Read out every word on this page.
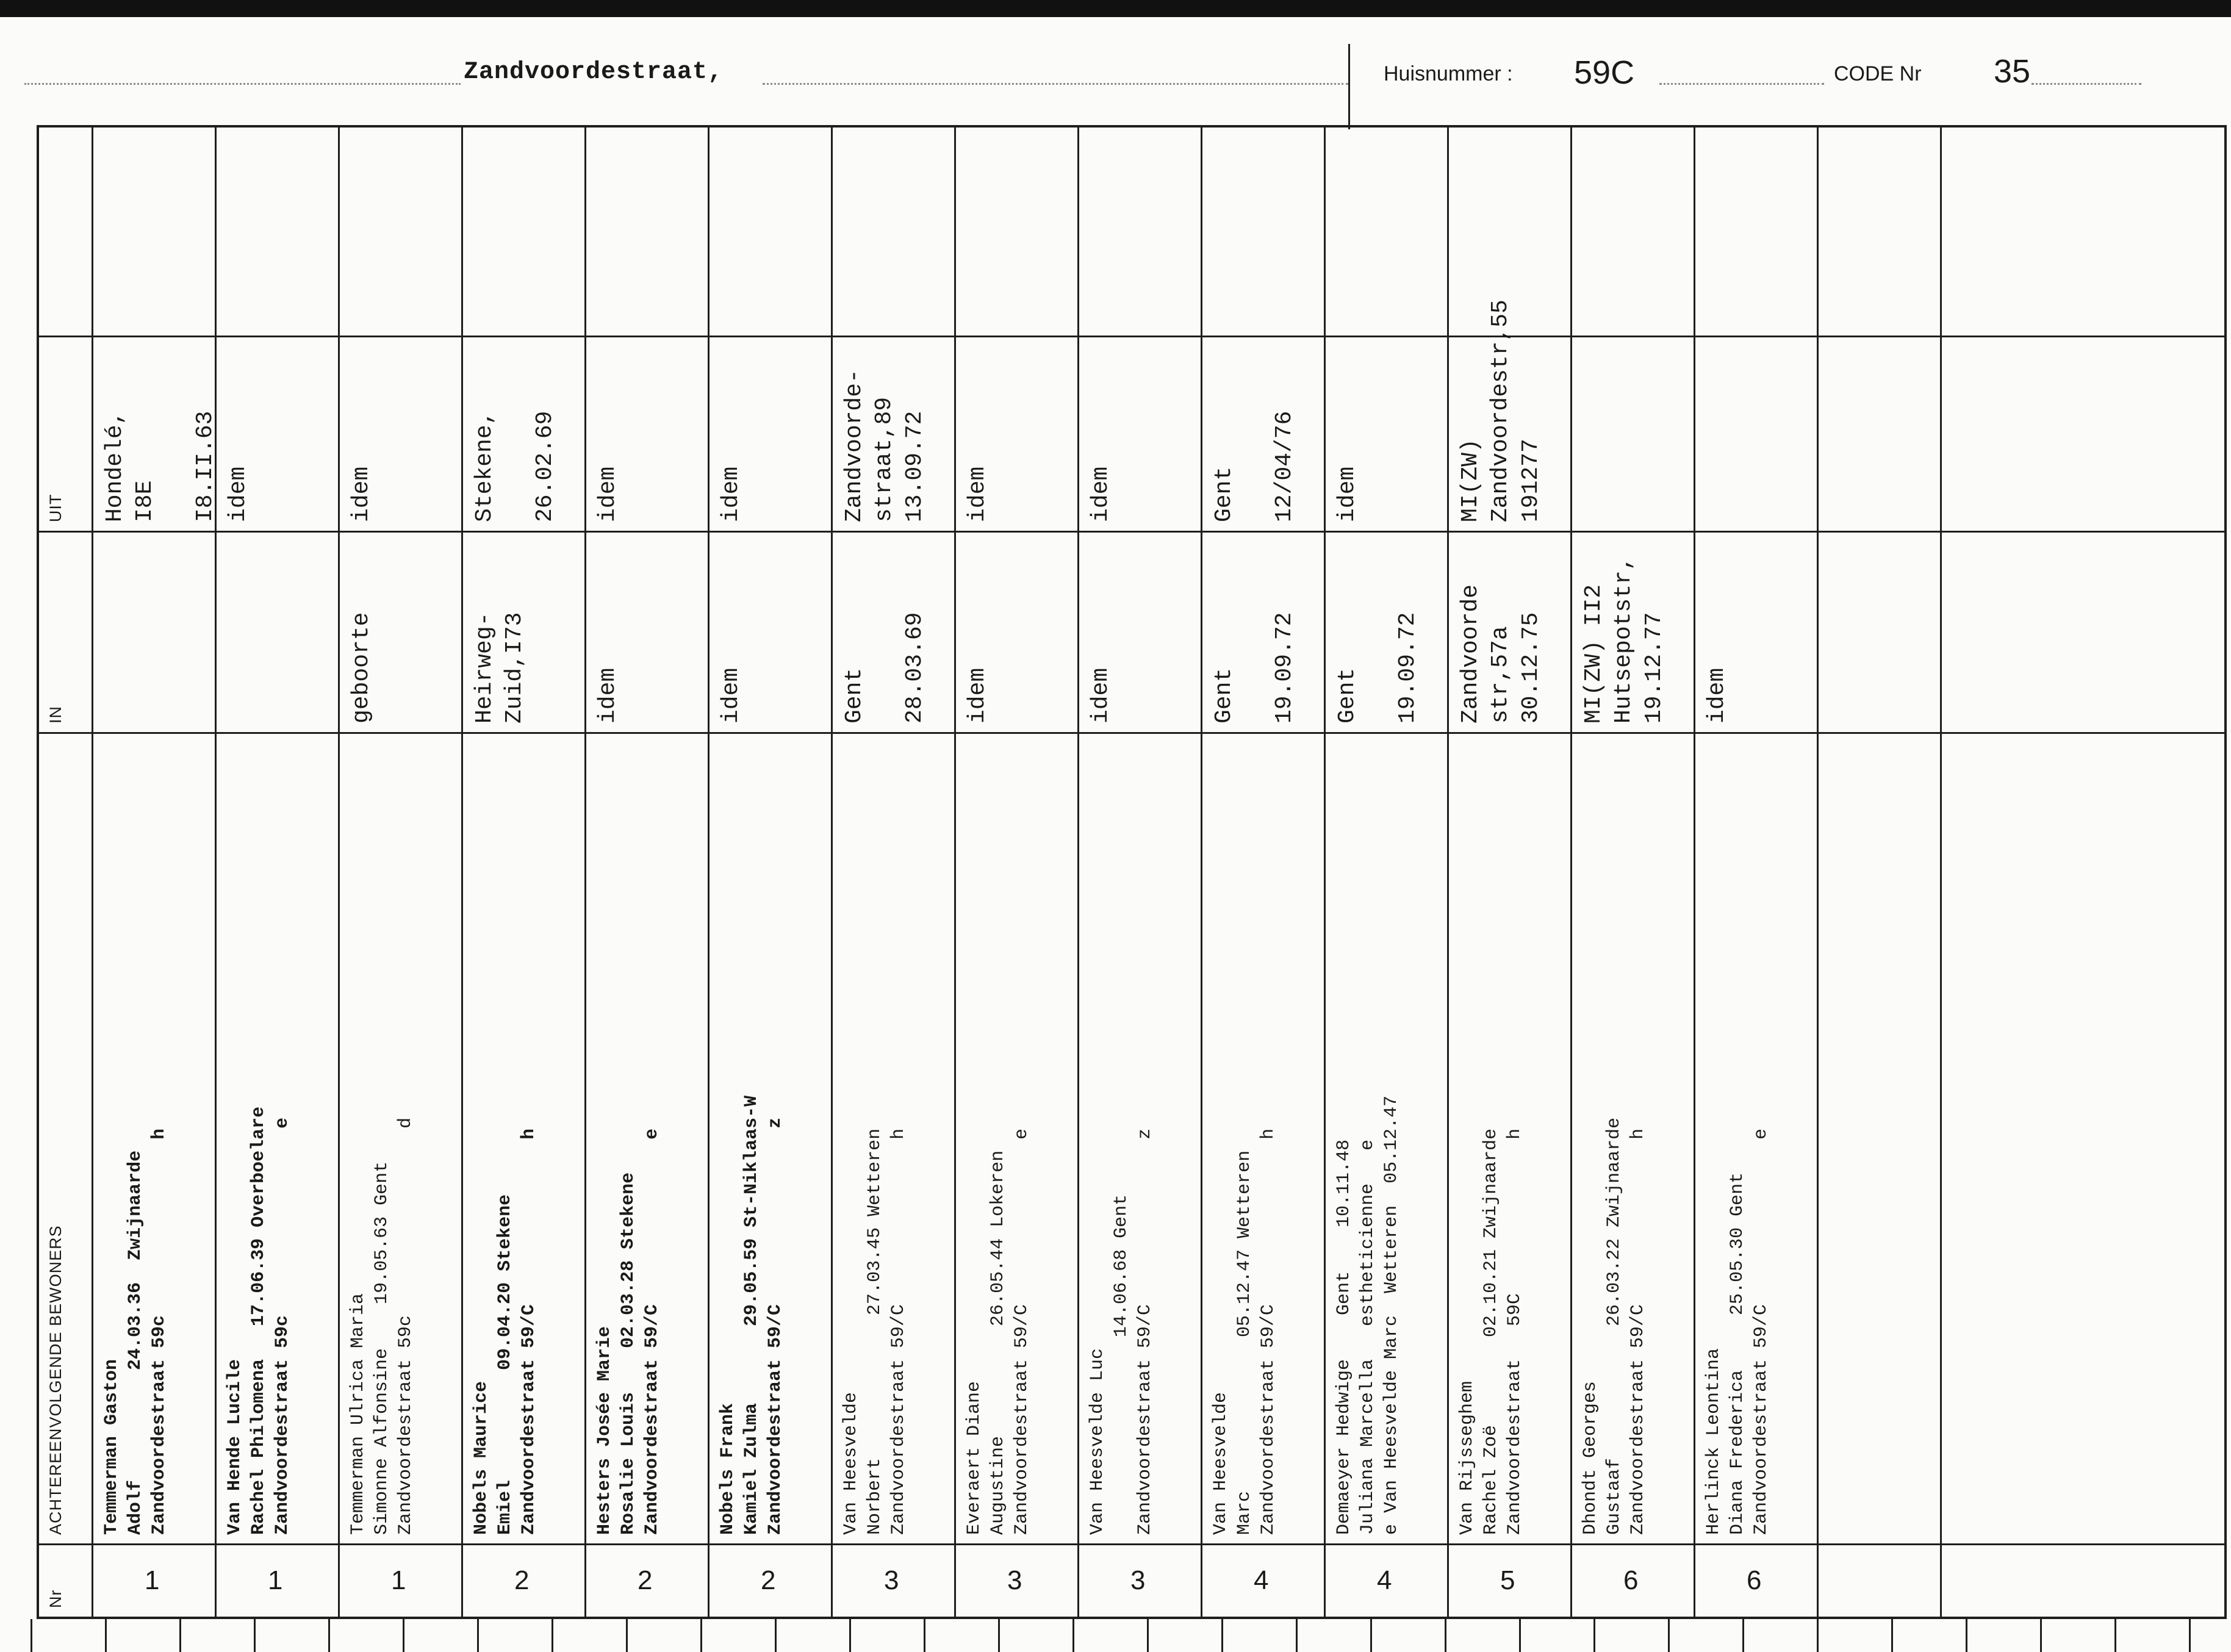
Zandvoordestraat,	Huisnummer : 59C	CODE Nr 35
Nr
ACHTEREENVOLGENDE BEWONERS
IN
UIT
Temmerman Gaston
Adolf          24.03.36  Zwijnaarde
Zandvoordestraat 59c                h
Hondelé,
I8E

I8.II.63
1
Van Hende Lucile
Rachel Philomena   17.06.39 Overboelare
Zandvoordestraat 59c                 e
idem
1
Temmerman Ulrica Maria
Simonne Alfonsine    19.05.63 Gent
Zandvoordestraat 59c                 d
geboorte
idem
1
Nobels Maurice
Emiel          09.04.20 Stekene
Zandvoordestraat 59/C               h
Heirweg-
Zuid,I73
Stekene,

26.02.69
2
Hesters Josée Marie
Rosalie Louis    02.03.28 Stekene
Zandvoordestraat 59/C               e
idem
idem
2
Nobels Frank
Kamiel Zulma       29.05.59 St-Niklaas-W
Zandvoordestraat 59/C                z
idem
idem
2
Van Heesvelde
Norbert             27.03.45 Wetteren
Zandvoordestraat 59/C               h
Gent

28.03.69
Zandvoorde-
straat,89
13.09.72
3
Everaert Diane
Augustine          26.05.44 Lokeren
Zandvoordestraat 59/C               e
idem
idem
3
Van Heesvelde Luc
14.06.68 Gent
Zandvoordestraat 59/C               z
idem
idem
3
Van Heesvelde
Marc              05.12.47 Wetteren
Zandvoordestraat 59/C               h
Gent

19.09.72
Gent

12/04/76
4
Demaeyer Hedwige    Gent    10.11.48
Juliana Marcella   estheticienne   e
e Van Heesvelde Marc  Wetteren  05.12.47
Gent

19.09.72
idem
4
Van Rijsseghem
Rachel Zoë        02.10.21 Zwijnaarde
Zandvoordestraat   59C              h
Zandvoorde
str,57a
30.12.75
MI(ZW)
Zandvoordestr,55
191277
5
Dhondt Georges
Gustaaf            26.03.22 Zwijnaarde
Zandvoordestraat 59/C               h
MI(ZW) II2
Hutsepotstr,
19.12.77
6
Herlinck Leontina
Diana Frederica     25.05.30 Gent
Zandvoordestraat 59/C               e
idem
6
